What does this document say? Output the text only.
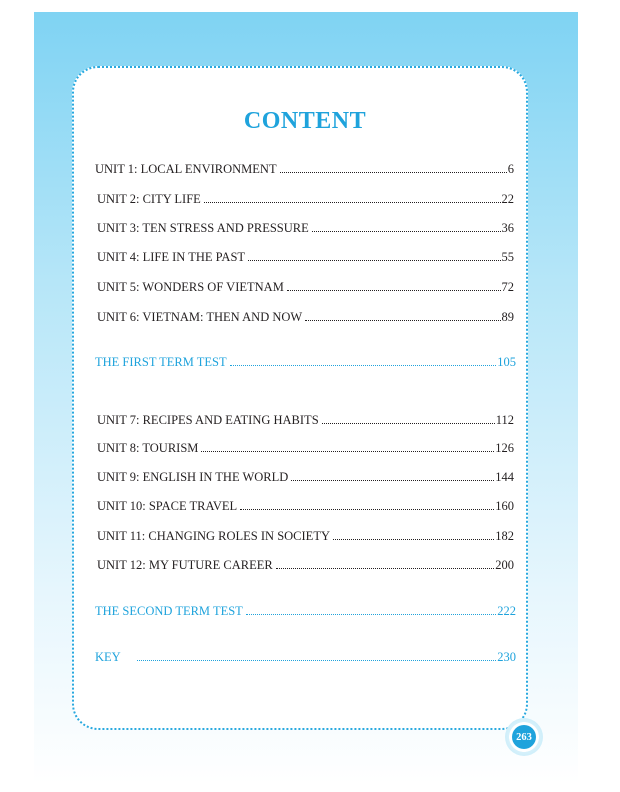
CONTENT
UNIT 1: LOCAL ENVIRONMENT	6
UNIT 2: CITY LIFE	22
UNIT 3: TEN STRESS AND PRESSURE	36
UNIT 4: LIFE IN THE PAST	55
UNIT 5: WONDERS OF VIETNAM	72
UNIT 6: VIETNAM: THEN AND NOW	89
THE FIRST TERM TEST	105
UNIT 7: RECIPES AND EATING HABITS	112
UNIT 8: TOURISM	126
UNIT 9: ENGLISH IN THE WORLD	144
UNIT 10: SPACE TRAVEL	160
UNIT 11: CHANGING ROLES IN SOCIETY	182
UNIT 12: MY FUTURE CAREER	200
THE SECOND TERM TEST	222
KEY	230
263
